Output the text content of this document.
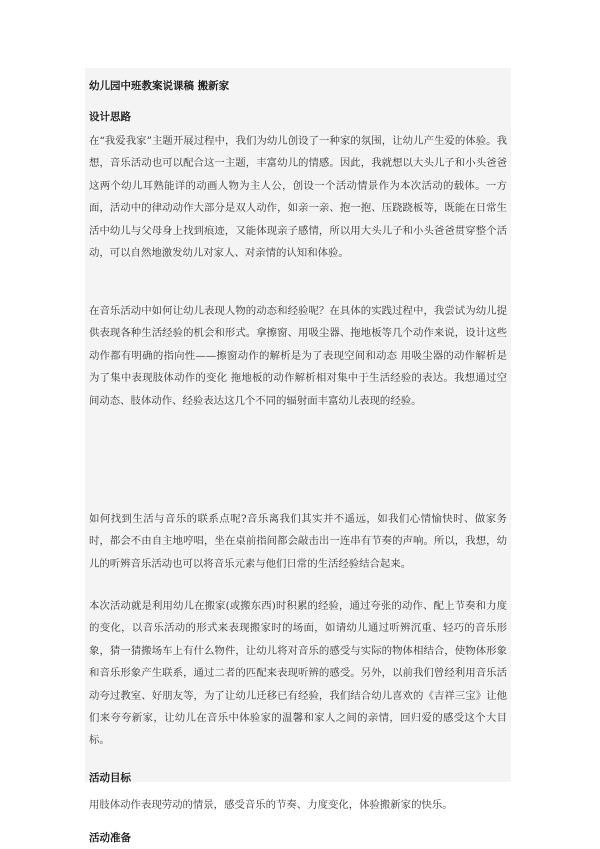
幼儿园中班教案说课稿 搬新家
设计思路
在“我爱我家”主题开展过程中，我们为幼儿创设了一种家的氛围，让幼儿产生爱的体验。我想，音乐活动也可以配合这一主题，丰富幼儿的情感。因此，我就想以大头儿子和小头爸爸这两个幼儿耳熟能详的动画人物为主人公，创设一个活动情景作为本次活动的载体。一方面，活动中的律动动作大部分是双人动作，如亲一亲、抱一抱、压跷跷板等，既能在日常生活中幼儿与父母身上找到痕迹，又能体现亲子感情，所以用大头儿子和小头爸爸贯穿整个活动，可以自然地激发幼儿对家人、对亲情的认知和体验。
在音乐活动中如何让幼儿表现人物的动态和经验呢？在具体的实践过程中，我尝试为幼儿提供表现各种生活经验的机会和形式。拿擦窗、用吸尘器、拖地板等几个动作来说，设计这些动作都有明确的指向性——擦窗动作的解析是为了表现空间和动态 用吸尘器的动作解析是为了集中表现肢体动作的变化 拖地板的动作解析相对集中于生活经验的表达。我想通过空间动态、肢体动作、经验表达这几个不同的辐射面丰富幼儿表现的经验。
如何找到生活与音乐的联系点呢?音乐离我们其实并不遥远，如我们心情愉快时、做家务时，都会不由自主地哼唱，坐在桌前指间都会敲击出一连串有节奏的声响。所以，我想，幼儿的听辨音乐活动也可以将音乐元素与他们日常的生活经验结合起来。
本次活动就是利用幼儿在搬家(或搬东西)时积累的经验，通过夸张的动作、配上节奏和力度的变化，以音乐活动的形式来表现搬家时的场面，如请幼儿通过听辨沉重、轻巧的音乐形象，猜一猜搬场车上有什么物件，让幼儿将对音乐的感受与实际的物体相结合，使物体形象和音乐形象产生联系，通过二者的匹配来表现听辨的感受。另外，以前我们曾经利用音乐活动夸过教室、好朋友等，为了让幼儿迁移已有经验，我们结合幼儿喜欢的《吉祥三宝》让他们来夸夸新家，让幼儿在音乐中体验家的温馨和家人之间的亲情，回归爱的感受这个大目标。
活动目标
用肢体动作表现劳动的情景，感受音乐的节奏、力度变化，体验搬新家的快乐。
活动准备
